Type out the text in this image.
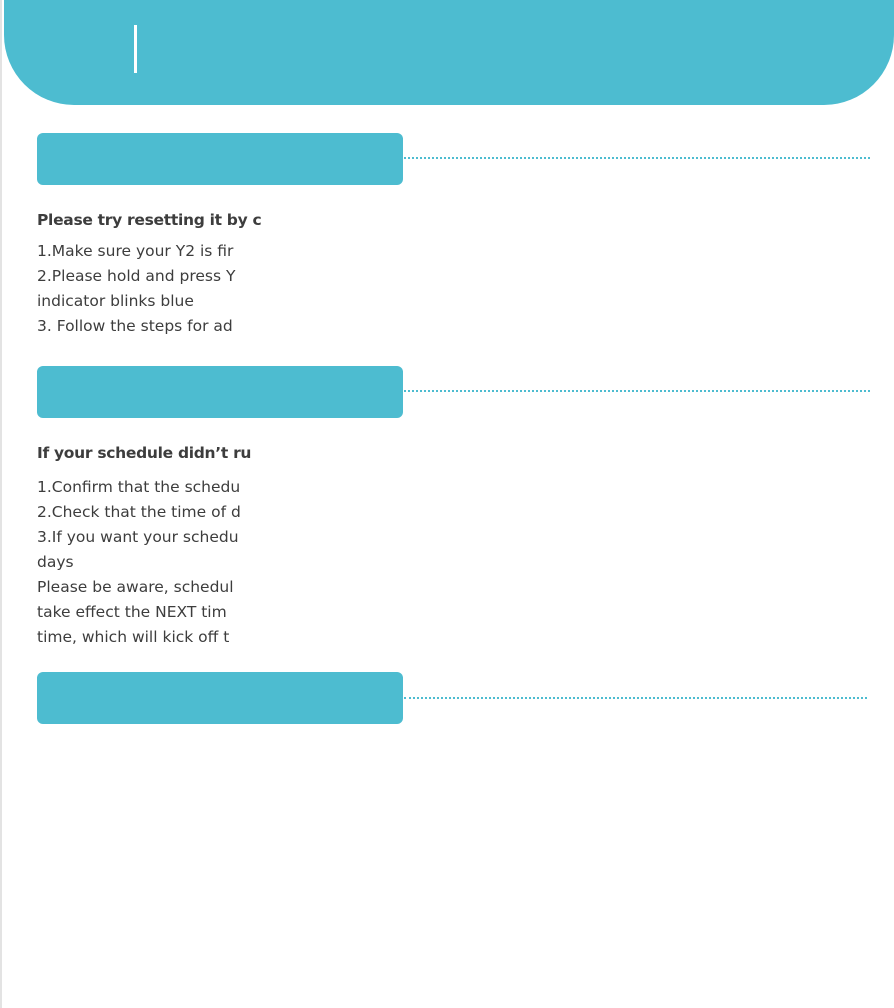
Please try resetting it by c
1.Make sure your Y2 is fir
2.Please hold and press Y
indicator blinks blue
3. Follow the steps for ad
If your schedule didn’t ru
1.Confirm that the schedu
2.Check that the time of d
3.If you want your schedu
days
Please be aware, schedul
take effect the NEXT tim
time, which will kick off t
